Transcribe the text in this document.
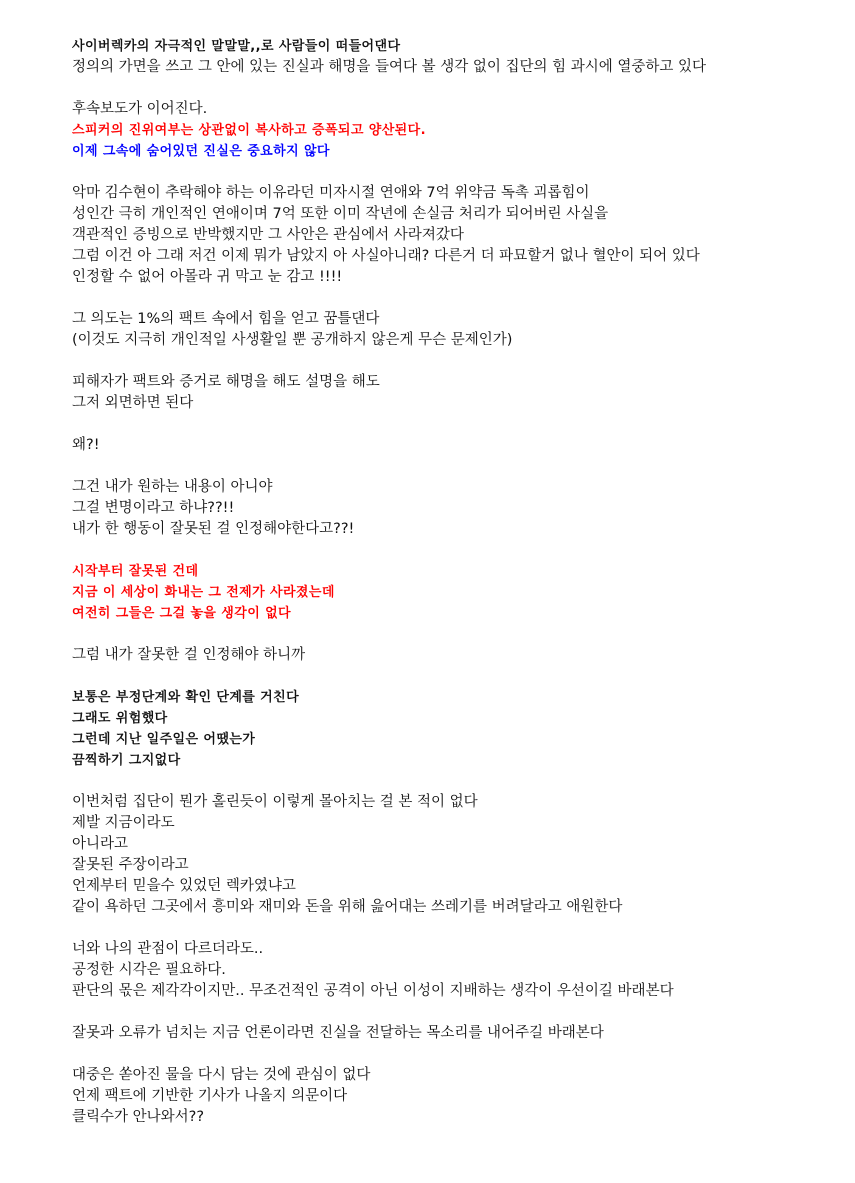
사이버렉카의 자극적인 말말말,,로 사람들이 떠들어댄다
정의의 가면을 쓰고 그 안에 있는 진실과 해명을 들여다 볼 생각 없이 집단의 힘 과시에 열중하고 있다
후속보도가 이어진다.
스피커의 진위여부는 상관없이 복사하고 증폭되고 양산된다.
이제 그속에 숨어있던 진실은 중요하지 않다
악마 김수현이 추락해야 하는 이유라던 미자시절 연애와 7억 위약금 독촉 괴롭힘이
성인간 극히 개인적인 연애이며 7억 또한 이미 작년에 손실금 처리가 되어버린 사실을
객관적인 증빙으로 반박했지만 그 사안은 관심에서 사라져갔다
그럼 이건 아 그래 저건 이제 뭐가 남았지 아 사실아니래? 다른거 더 파묘할거 없나 혈안이 되어 있다
인정할 수 없어 아몰라 귀 막고 눈 감고 !!!!
그 의도는 1%의 팩트 속에서 힘을 얻고 꿈틀댄다
(이것도 지극히 개인적일 사생활일 뿐 공개하지 않은게 무슨 문제인가)
피해자가 팩트와 증거로 해명을 해도 설명을 해도
그저 외면하면 된다
왜?!
그건 내가 원하는 내용이 아니야
그걸 변명이라고 하냐??!!
내가 한 행동이 잘못된 걸 인정해야한다고??!
시작부터 잘못된 건데
지금 이 세상이 화내는 그 전제가 사라졌는데
여전히 그들은 그걸 놓을 생각이 없다
그럼 내가 잘못한 걸 인정해야 하니까
보통은 부정단계와 확인 단계를 거친다
그래도 위험했다
그런데 지난 일주일은 어땠는가
끔찍하기 그지없다
이번처럼 집단이 뭔가 홀린듯이 이렇게 몰아치는 걸 본 적이 없다
제발 지금이라도
아니라고
잘못된 주장이라고
언제부터 믿을수 있었던 렉카였냐고
같이 욕하던 그곳에서 흥미와 재미와 돈을 위해 읊어대는 쓰레기를 버려달라고 애원한다
너와 나의 관점이 다르더라도..
공정한 시각은 필요하다.
판단의 몫은 제각각이지만.. 무조건적인 공격이 아닌 이성이 지배하는 생각이 우선이길 바래본다
잘못과 오류가 넘치는 지금 언론이라면 진실을 전달하는 목소리를 내어주길 바래본다
대중은 쏟아진 물을 다시 담는 것에 관심이 없다
언제 팩트에 기반한 기사가 나올지 의문이다
클릭수가 안나와서??
